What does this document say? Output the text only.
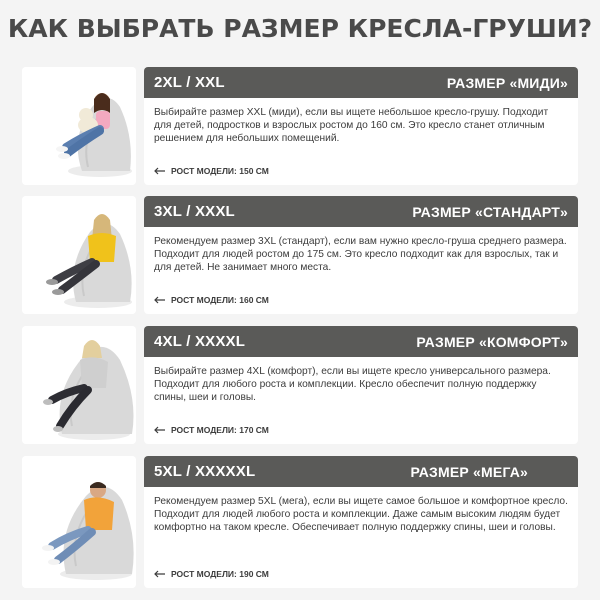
КАК ВЫБРАТЬ РАЗМЕР КРЕСЛА-ГРУШИ?
2XL / XXL	РАЗМЕР «МИДИ»
Выбирайте размер XXL (миди), если вы ищете небольшое кресло-грушу. Подходит для детей, подростков и взрослых ростом до 160 см. Это кресло станет отличным решением для небольших помещений.
РОСТ МОДЕЛИ:
150 СМ
3XL / XXXL	РАЗМЕР «СТАНДАРТ»
Рекомендуем размер 3XL (стандарт), если вам нужно кресло-груша среднего размера. Подходит для людей ростом до 175 см. Это кресло подходит как для взрослых, так и для детей. Не занимает много места.
РОСТ МОДЕЛИ:
160 СМ
4XL / XXXXL	РАЗМЕР «КОМФОРТ»
Выбирайте размер 4XL (комфорт), если вы ищете кресло универсального размера. Подходит для любого роста и комплекции. Кресло обеспечит полную поддержку спины, шеи и головы.
РОСТ МОДЕЛИ:
170 СМ
5XL / XXXXXL	РАЗМЕР «МЕГА»
Рекомендуем размер 5XL (мега), если вы ищете самое большое и комфортное кресло. Подходит для людей любого роста и комплекции. Даже самым высоким людям будет комфортно на таком кресле. Обеспечивает полную поддержку спины, шеи и головы.
РОСТ МОДЕЛИ:
190 СМ
